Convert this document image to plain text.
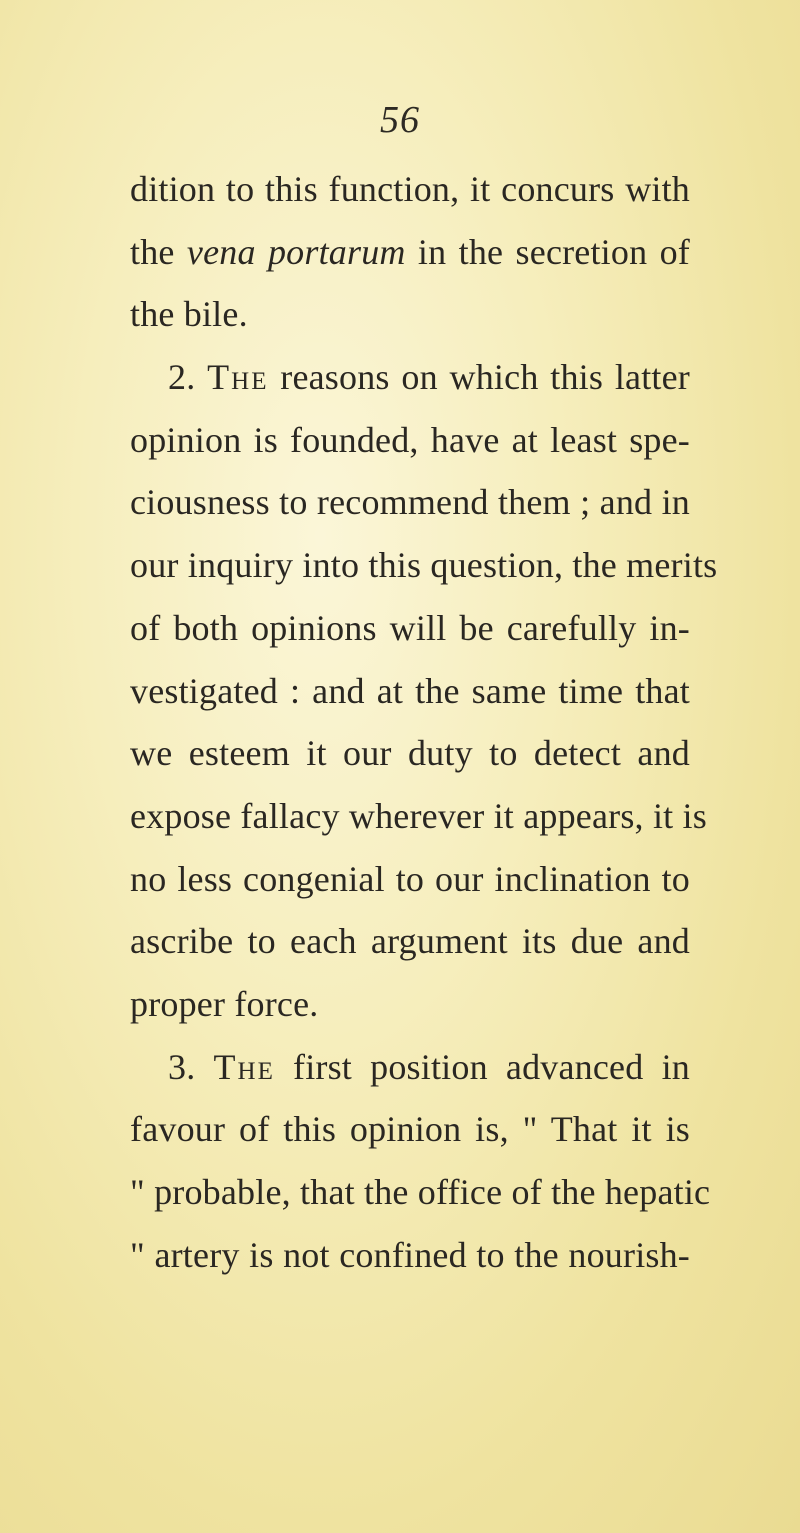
56
dition to this function, it concurs with
the vena portarum in the secretion of
the bile.
2. The reasons on which this latter
opinion is founded, have at least spe-
ciousness to recommend them ; and in
our inquiry into this question, the merits
of both opinions will be carefully in-
vestigated : and at the same time that
we esteem it our duty to detect and
expose fallacy wherever it appears, it is
no less congenial to our inclination to
ascribe to each argument its due and
proper force.
3. The first position advanced in
favour of this opinion is, " That it is
" probable, that the office of the hepatic
" artery is not confined to the nourish-
